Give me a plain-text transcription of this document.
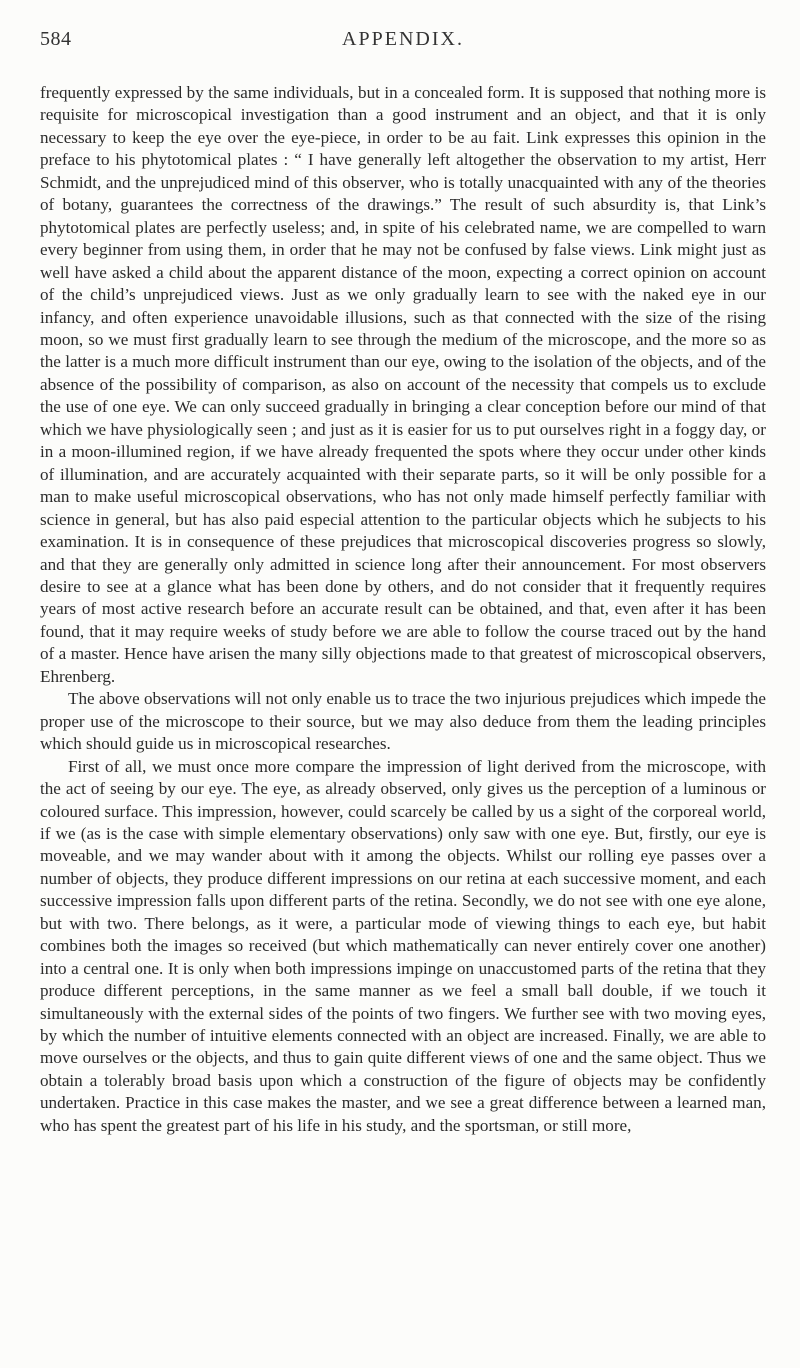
584	APPENDIX.

frequently expressed by the same individuals, but in a concealed form. It is supposed that nothing more is requisite for microscopical investigation than a good instrument and an object, and that it is only necessary to keep the eye over the eye-piece, in order to be au fait. Link expresses this opinion in the preface to his phytotomical plates : “ I have generally left altogether the observation to my artist, Herr Schmidt, and the unprejudiced mind of this observer, who is totally unacquainted with any of the theories of botany, guarantees the correctness of the drawings.” The result of such absurdity is, that Link’s phytotomical plates are perfectly useless; and, in spite of his celebrated name, we are compelled to warn every beginner from using them, in order that he may not be confused by false views. Link might just as well have asked a child about the apparent distance of the moon, expecting a correct opinion on account of the child’s unprejudiced views. Just as we only gradually learn to see with the naked eye in our infancy, and often experience unavoidable illusions, such as that connected with the size of the rising moon, so we must first gradually learn to see through the medium of the microscope, and the more so as the latter is a much more difficult instrument than our eye, owing to the isolation of the objects, and of the absence of the possibility of comparison, as also on account of the necessity that compels us to exclude the use of one eye. We can only succeed gradually in bringing a clear conception before our mind of that which we have physiologically seen ; and just as it is easier for us to put ourselves right in a foggy day, or in a moon-illumined region, if we have already frequented the spots where they occur under other kinds of illumination, and are accurately acquainted with their separate parts, so it will be only possible for a man to make useful microscopical observations, who has not only made himself perfectly familiar with science in general, but has also paid especial attention to the particular objects which he subjects to his examination. It is in consequence of these prejudices that microscopical discoveries progress so slowly, and that they are generally only admitted in science long after their announcement. For most observers desire to see at a glance what has been done by others, and do not consider that it frequently requires years of most active research before an accurate result can be obtained, and that, even after it has been found, that it may require weeks of study before we are able to follow the course traced out by the hand of a master. Hence have arisen the many silly objections made to that greatest of microscopical observers, Ehrenberg.

The above observations will not only enable us to trace the two injurious prejudices which impede the proper use of the microscope to their source, but we may also deduce from them the leading principles which should guide us in microscopical researches.

First of all, we must once more compare the impression of light derived from the microscope, with the act of seeing by our eye. The eye, as already observed, only gives us the perception of a luminous or coloured surface. This impression, however, could scarcely be called by us a sight of the corporeal world, if we (as is the case with simple elementary observations) only saw with one eye. But, firstly, our eye is moveable, and we may wander about with it among the objects. Whilst our rolling eye passes over a number of objects, they produce different impressions on our retina at each successive moment, and each successive impression falls upon different parts of the retina. Secondly, we do not see with one eye alone, but with two. There belongs, as it were, a particular mode of viewing things to each eye, but habit combines both the images so received (but which mathematically can never entirely cover one another) into a central one. It is only when both impressions impinge on unaccustomed parts of the retina that they produce different perceptions, in the same manner as we feel a small ball double, if we touch it simultaneously with the external sides of the points of two fingers. We further see with two moving eyes, by which the number of intuitive elements connected with an object are increased. Finally, we are able to move ourselves or the objects, and thus to gain quite different views of one and the same object. Thus we obtain a tolerably broad basis upon which a construction of the figure of objects may be confidently undertaken. Practice in this case makes the master, and we see a great difference between a learned man, who has spent the greatest part of his life in his study, and the sportsman, or still more,
